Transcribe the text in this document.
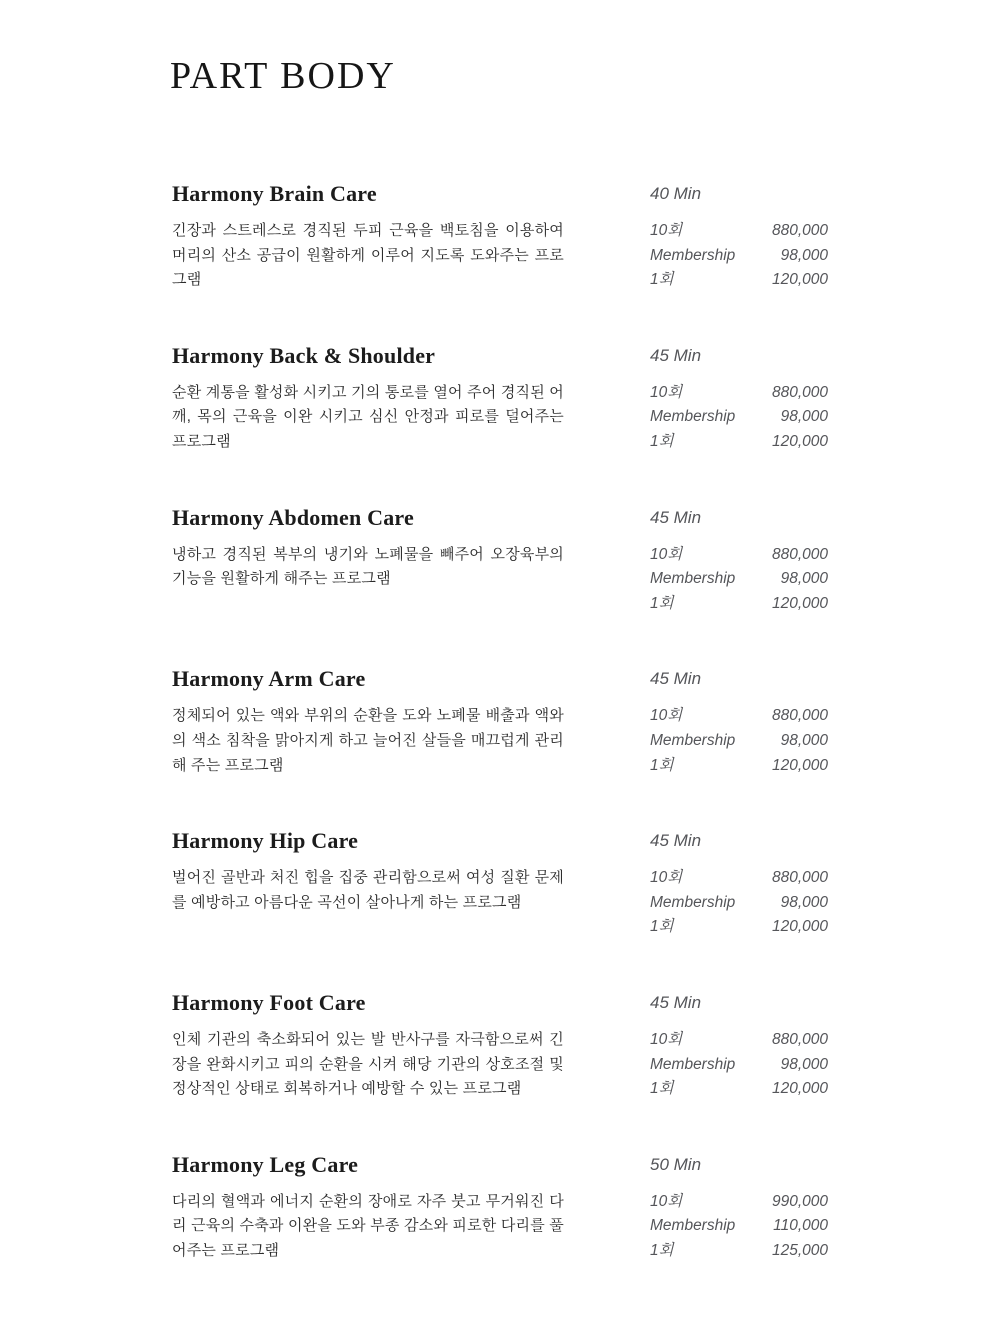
PART BODY
Harmony Brain Care

긴장과 스트레스로 경직된 두피 근육을 백토침을 이용하여 머리의 산소 공급이 원활하게 이루어 지도록 도와주는 프로그램

40 Min
10회	880,000
Membership	98,000
1회	120,000
Harmony Back & Shoulder

순환 계통을 활성화 시키고 기의 통로를 열어 주어 경직된 어깨, 목의 근육을 이완 시키고 심신 안정과 피로를 덜어주는 프로그램

45 Min
10회	880,000
Membership	98,000
1회	120,000
Harmony Abdomen Care

냉하고 경직된 복부의 냉기와 노폐물을 빼주어 오장육부의 기능을 원활하게 해주는 프로그램

45 Min
10회	880,000
Membership	98,000
1회	120,000
Harmony Arm Care

정체되어 있는 액와 부위의 순환을 도와 노폐물 배출과 액와의 색소 침착을 맑아지게 하고 늘어진 살들을 매끄럽게 관리해 주는 프로그램

45 Min
10회	880,000
Membership	98,000
1회	120,000
Harmony Hip Care

벌어진 골반과 처진 힙을 집중 관리함으로써 여성 질환 문제를 예방하고 아름다운 곡선이 살아나게 하는 프로그램

45 Min
10회	880,000
Membership	98,000
1회	120,000
Harmony Foot Care

인체 기관의 축소화되어 있는 발 반사구를 자극함으로써 긴장을 완화시키고 피의 순환을 시켜 해당 기관의 상호조절 및 정상적인 상태로 회복하거나 예방할 수 있는 프로그램

45 Min
10회	880,000
Membership	98,000
1회	120,000
Harmony Leg Care

다리의 혈액과 에너지 순환의 장애로 자주 붓고 무거워진 다리 근육의 수축과 이완을 도와 부종 감소와 피로한 다리를 풀어주는 프로그램

50 Min
10회	990,000
Membership 110,000
1회	125,000
